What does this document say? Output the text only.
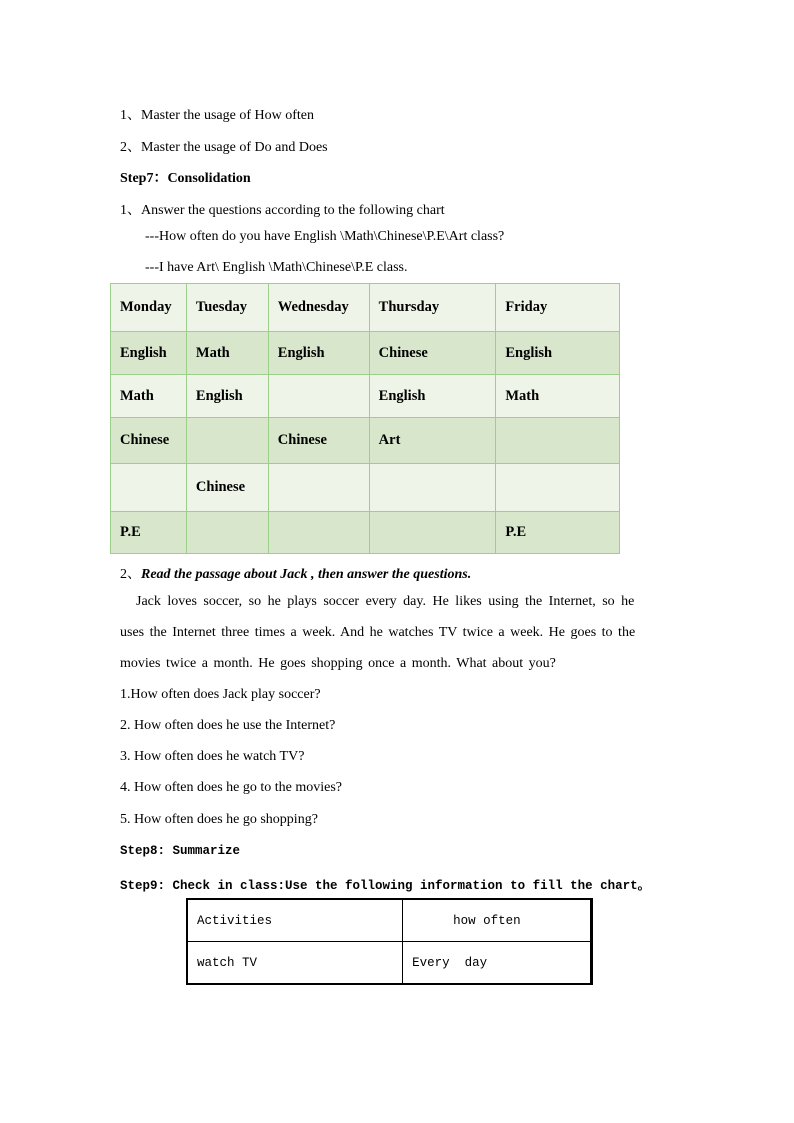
1、Master the usage of How often
2、Master the usage of Do and Does
Step7：Consolidation
1、Answer the questions according to the following chart
---How often do you have English \Math\Chinese\P.E\Art class?
---I have Art\ English \Math\Chinese\P.E class.
Monday	Tuesday	Wednesday	Thursday	Friday
English	Math	English	Chinese	English
Math	English		English	Math
Chinese		Chinese	Art	
	Chinese			
P.E				P.E
2、Read the passage about Jack , then answer the questions.
Jack loves soccer, so he plays soccer every day. He likes using the Internet, so he
uses the Internet three times a week. And he watches TV twice a week. He goes to the
movies twice a month. He goes shopping once a month. What about you?
1.How often does Jack play soccer?
2. How often does he use the Internet?
3. How often does he watch TV?
4. How often does he go to the movies?
5. How often does he go shopping?
Step8: Summarize
Step9: Check in class:Use the following information to fill the chart。
Activities	how often
watch TV	Every  day
